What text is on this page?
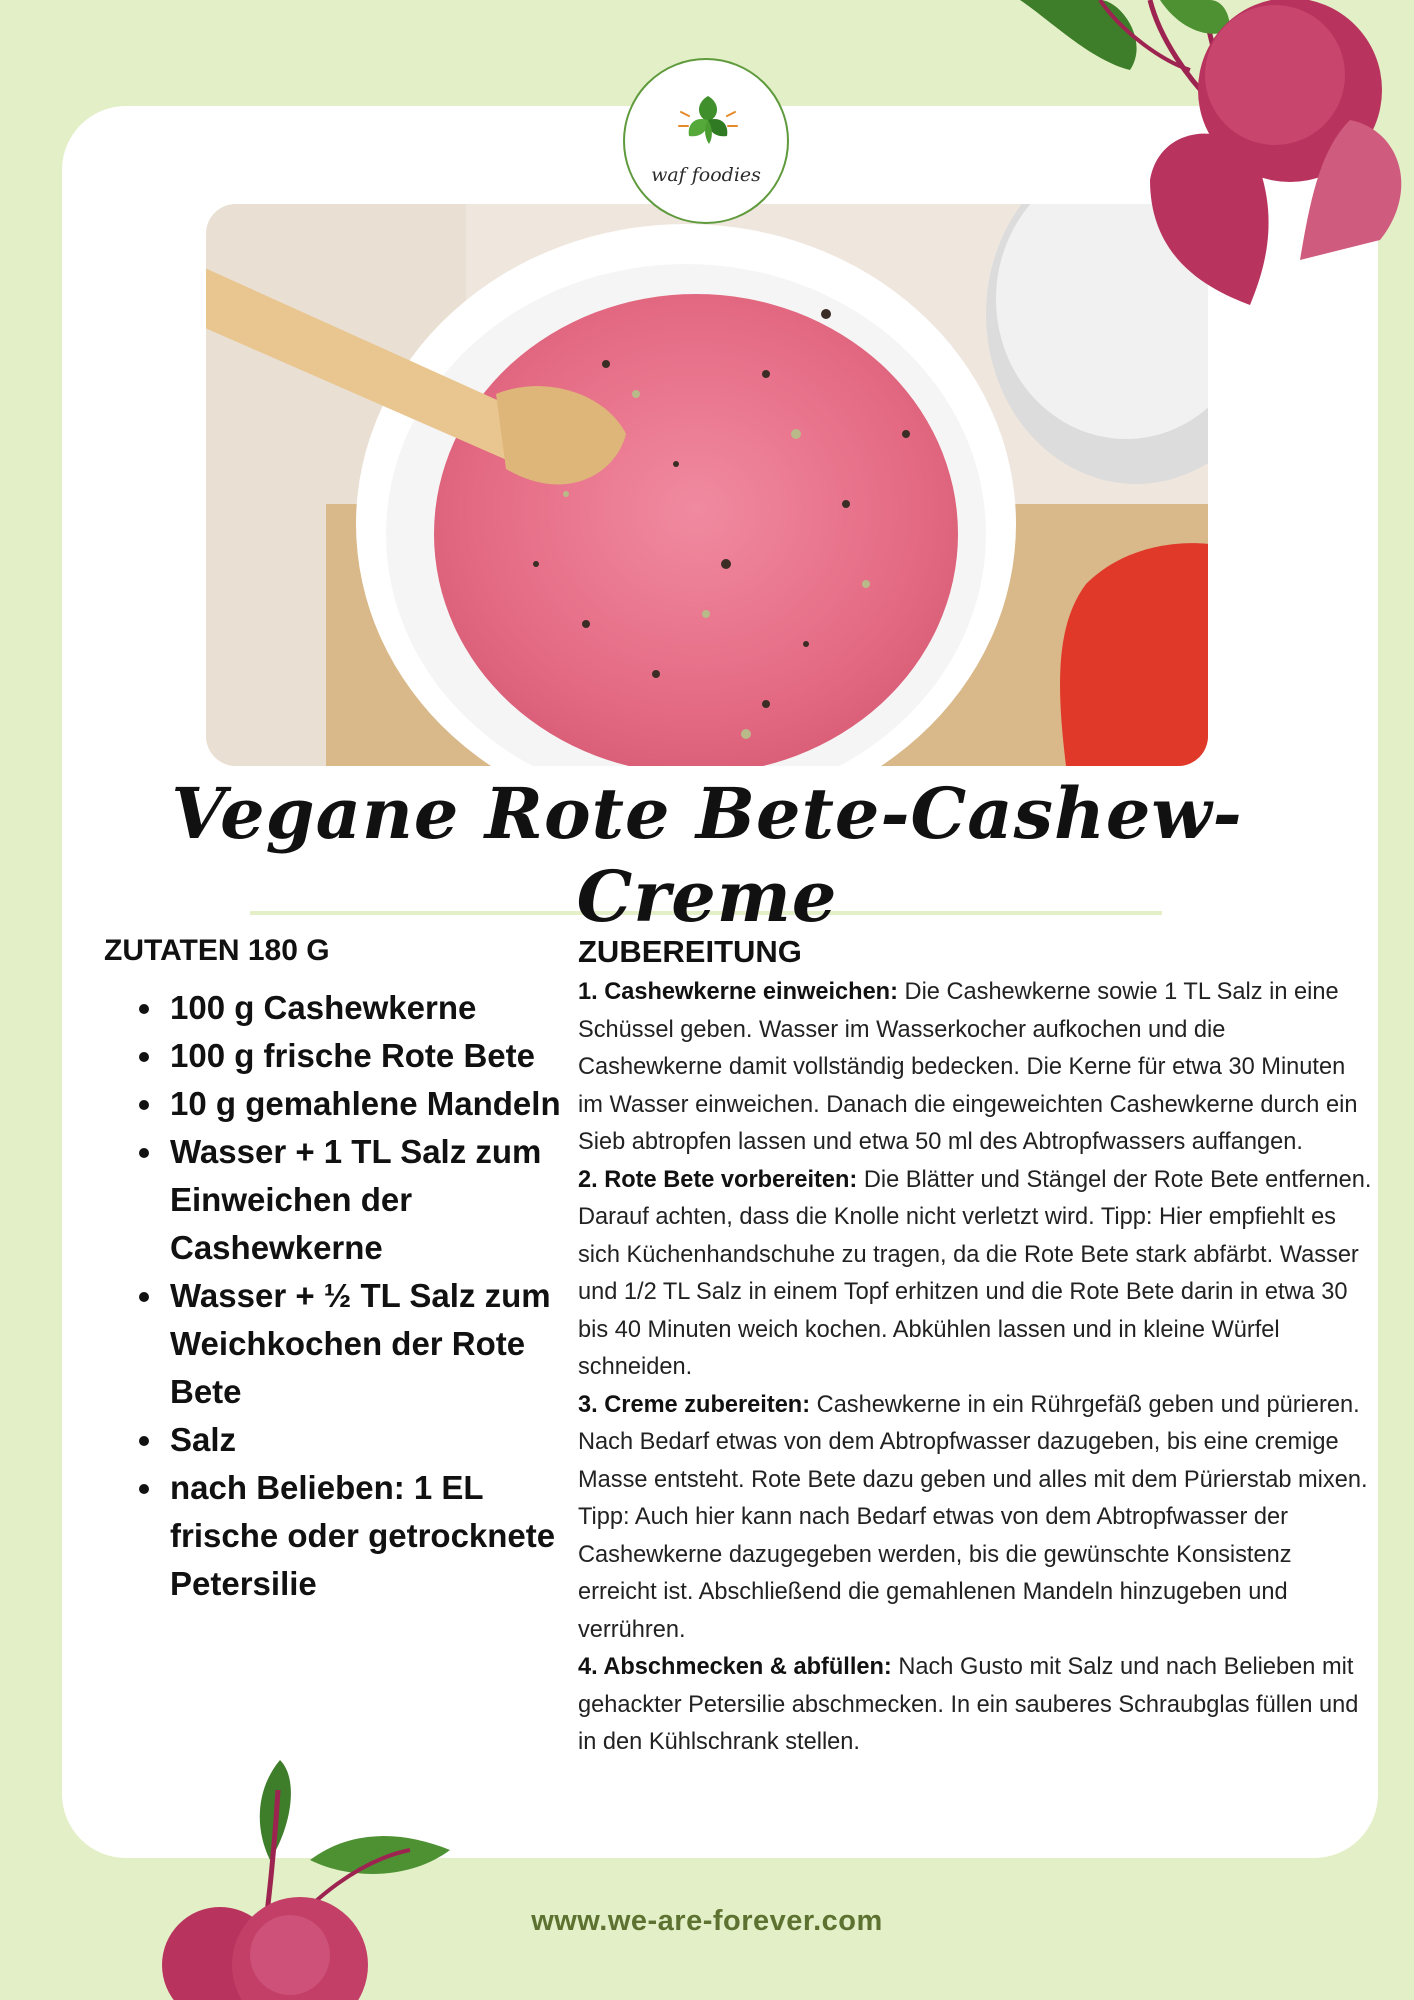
waf foodies
Vegane Rote Bete-Cashew-Creme
ZUTATEN 180 G
• 100 g Cashewkerne
• 100 g frische Rote Bete
• 10 g gemahlene Mandeln
• Wasser + 1 TL Salz zum Einweichen der Cashewkerne
• Wasser + ½ TL Salz zum Weichkochen der Rote Bete
• Salz
• nach Belieben: 1 EL frische oder getrocknete Petersilie
ZUBEREITUNG

1. Cashewkerne einweichen: Die Cashewkerne sowie 1 TL Salz in eine Schüssel geben. Wasser im Wasserkocher aufkochen und die Cashewkerne damit vollständig bedecken. Die Kerne für etwa 30 Minuten im Wasser einweichen. Danach die eingeweichten Cashewkerne durch ein Sieb abtropfen lassen und etwa 50 ml des Abtropfwassers auffangen.

2. Rote Bete vorbereiten: Die Blätter und Stängel der Rote Bete entfernen. Darauf achten, dass die Knolle nicht verletzt wird. Tipp: Hier empfiehlt es sich Küchenhandschuhe zu tragen, da die Rote Bete stark abfärbt. Wasser und 1/2 TL Salz in einem Topf erhitzen und die Rote Bete darin in etwa 30 bis 40 Minuten weich kochen. Abkühlen lassen und in kleine Würfel schneiden.

3. Creme zubereiten: Cashewkerne in ein Rührgefäß geben und pürieren. Nach Bedarf etwas von dem Abtropfwasser dazugeben, bis eine cremige Masse entsteht. Rote Bete dazu geben und alles mit dem Pürierstab mixen. Tipp: Auch hier kann nach Bedarf etwas von dem Abtropfwasser der Cashewkerne dazugegeben werden, bis die gewünschte Konsistenz erreicht ist. Abschließend die gemahlenen Mandeln hinzugeben und verrühren.

4. Abschmecken & abfüllen: Nach Gusto mit Salz und nach Belieben mit gehackter Petersilie abschmecken. In ein sauberes Schraubglas füllen und in den Kühlschrank stellen.

www.we-are-forever.com
